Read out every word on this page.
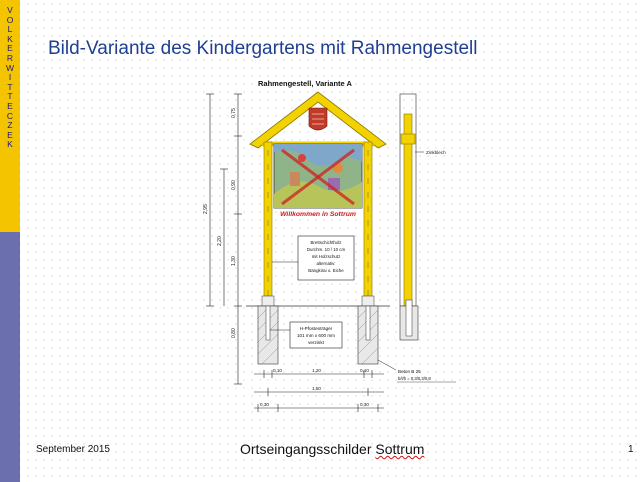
V
O
L
K
E
R
W
I
T
T
E
C
Z
E
K
Bild-Variante des Kindergartens mit Rahmengestell
Rahmengestell, Variante A
2,95
2,20
0,75
0,90
1,30
0,80
Willkommen in Sottrum
Brettschichtholz
Durchm. 10 / 10 cm
mit Holzschutz
alternativ:
Bangkirai o. Eiche
H-Pfostenträger
101 mm x 600 mm
verzinkt
Beton B 25
b/t/h = 0,3/0,3/0,8
0,10	1,20	0,10
1,50
0,30	0,30
Zinkblech
September 2015	Ortseingangsschilder Sottrum	1
